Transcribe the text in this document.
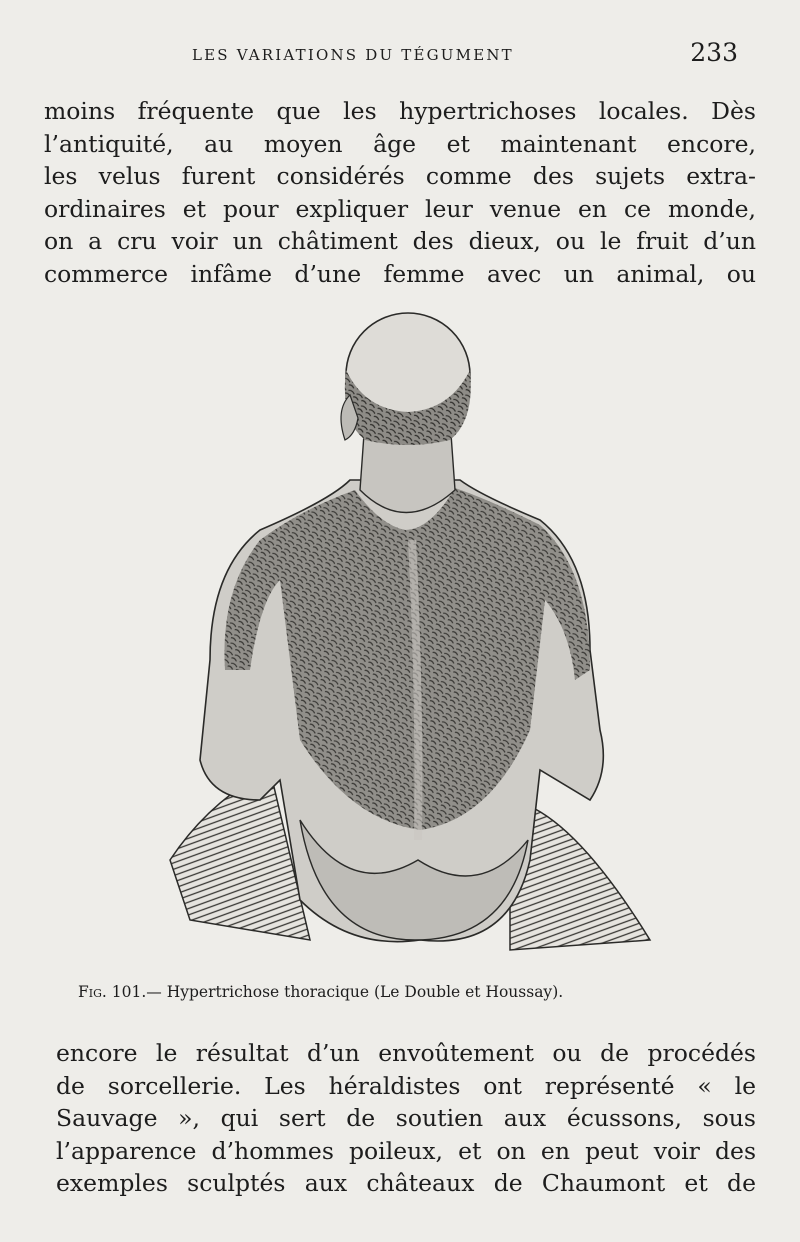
LES VARIATIONS DU TÉGUMENT	233
moins fréquente que les hypertrichoses locales. Dès
l’antiquité, au moyen âge et maintenant encore,
les velus furent considérés comme des sujets extra-
ordinaires et pour expliquer leur venue en ce monde,
on a cru voir un châtiment des dieux, ou le fruit d’un
commerce infâme d’une femme avec un animal, ou
Fig. 101.— Hypertrichose thoracique (Le Double et Houssay).
encore le résultat d’un envoûtement ou de procédés
de sorcellerie. Les héraldistes ont représenté « le
Sauvage », qui sert de soutien aux écussons, sous
l’apparence d’hommes poileux, et on en peut voir des
exemples sculptés aux châteaux de Chaumont et de
